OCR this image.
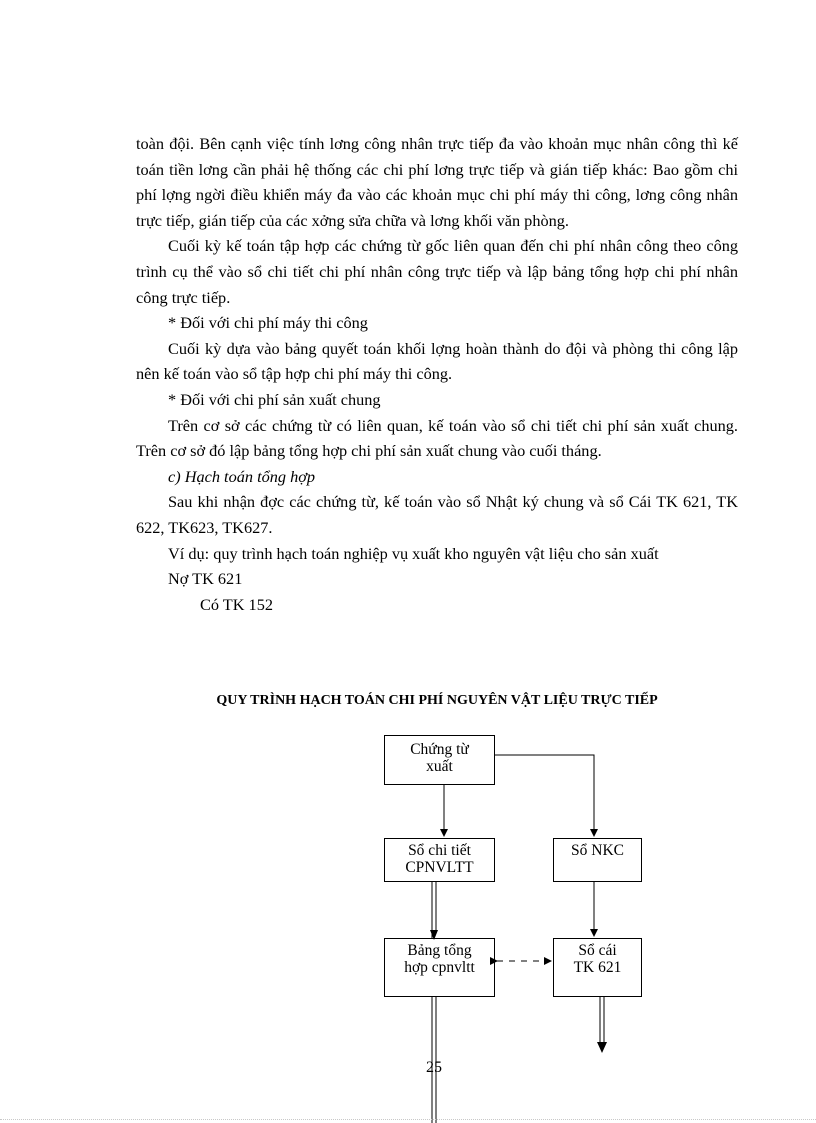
toàn đội. Bên cạnh việc tính lơng công nhân trực tiếp đa vào khoản mục nhân công thì kế toán tiền lơng cần phải hệ thống các chi phí lơng trực tiếp và gián tiếp khác: Bao gồm chi phí lợng ngời điều khiển máy đa vào các khoản mục chi phí máy thi công, lơng công nhân trực tiếp, gián tiếp của các xởng sửa chữa và lơng khối văn phòng.

Cuối kỳ kế toán tập hợp các chứng từ gốc liên quan đến chi phí nhân công theo công trình cụ thể vào sổ chi tiết chi phí nhân công trực tiếp và lập bảng tổng hợp chi phí nhân công trực tiếp.

* Đối với chi phí máy thi công

Cuối kỳ dựa vào bảng quyết toán khối lợng hoàn thành do đội và phòng thi công lập nên kế toán vào sổ tập hợp chi phí máy thi công.

* Đối với chi phí sản xuất chung

Trên cơ sở các chứng từ có liên quan, kế toán vào sổ chi tiết chi phí sản xuất chung. Trên cơ sở đó lập bảng tổng hợp chi phí sản xuất chung vào cuối tháng.

c) Hạch toán tổng hợp

Sau khi nhận đợc các chứng từ, kế toán vào sổ Nhật ký chung và sổ Cái TK 621, TK 622, TK623, TK627.

Ví dụ: quy trình hạch toán nghiệp vụ xuất kho nguyên vật liệu cho sản xuất

Nợ TK 621

Có TK 152

QUY TRÌNH HẠCH TOÁN CHI PHÍ NGUYÊN VẬT LIỆU TRỰC TIẾP
Chứng từ
xuất
Sổ chi tiết
CPNVLTT
Sổ NKC
Bảng tổng
hợp cpnvltt
Sổ cái
TK 621
25
